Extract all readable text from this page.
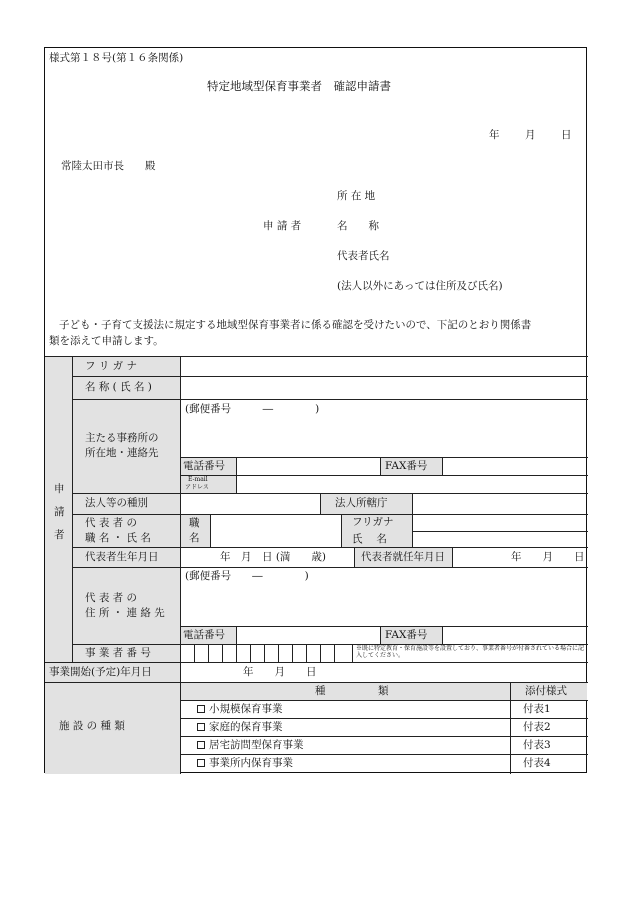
様式第１８号(第１６条関係)
特定地域型保育事業者　確認申請書
年 月 日
常陸太田市長　　殿
所 在 地
申 請 者	名　　称
代表者氏名
(法人以外にあっては住所及び氏名)
子ども・子育て支援法に規定する地域型保育事業者に係る確認を受けたいので、下記のとおり関係書
類を添えて申請します。
申
請
者
フ リ ガ ナ
名 称 ( 氏 名 )
主たる事務所の
所在地・連絡先
(郵便番号　　　―　　　　)
電話番号	FAX番号
E-mail
アドレス
法人等の種別	法人所轄庁
代 表 者 の
職 名 ・ 氏 名
職
名
フリガナ
氏　 名
代表者生年月日	年　月　日 (満　　歳)	代表者就任年月日	年　　月　　日
代 表 者 の
住 所 ・ 連 絡 先
(郵便番号　　―　　　　)
電話番号	FAX番号
事 業 者 番 号	※既に特定教育・保育施設等を設置しており、事業者番号が付番されている場合に記入してください。
事業開始(予定)年月日	年　　月　　日
施 設 の 種 類
種　　　　　類	添付様式
小規模保育事業	付表1
家庭的保育事業	付表2
居宅訪問型保育事業	付表3
事業所内保育事業	付表4
